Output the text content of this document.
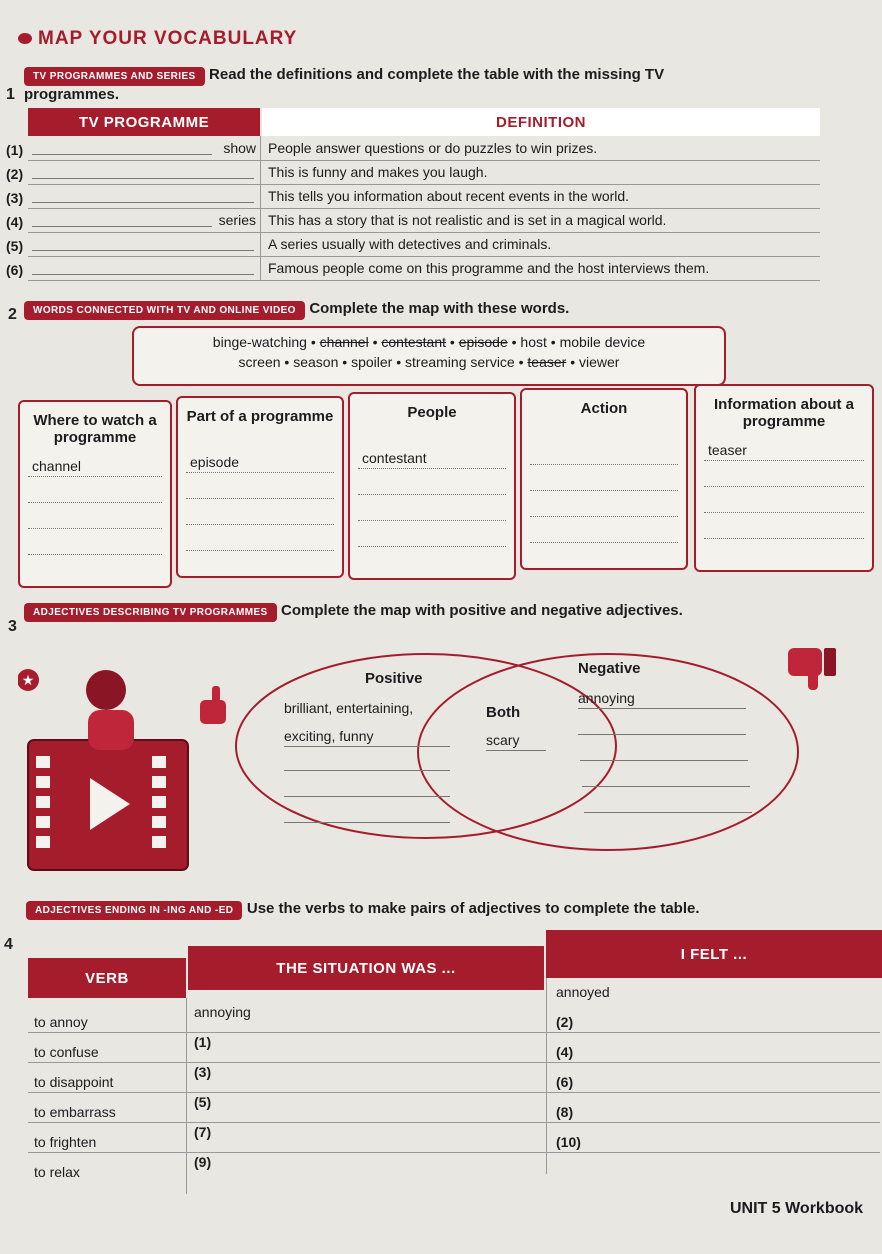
MAP YOUR VOCABULARY
1
TV PROGRAMMES AND SERIES Read the definitions and complete the table with the missing TV programmes.
TV PROGRAMME	DEFINITION
(1)	show People answer questions or do puzzles to win prizes.
(2)	This is funny and makes you laugh.
(3)	This tells you information about recent events in the world.
(4)	series This has a story that is not realistic and is set in a magical world.
(5)	A series usually with detectives and criminals.
(6)	Famous people come on this programme and the host interviews them.
2	WORDS CONNECTED WITH TV AND ONLINE VIDEO Complete the map with these words.
binge-watching • channel • contestant • episode • host • mobile device
screen • season • spoiler • streaming service • teaser • viewer
Where to watch a programme
channel
Part of a programme
episode
People
contestant
Action	Information about a programme
teaser
3
ADJECTIVES DESCRIBING TV PROGRAMMES Complete the map with positive and negative adjectives.
★	Positive
Negative
Both
brilliant, entertaining,
exciting, funny	scary
annoying
4
ADJECTIVES ENDING IN -ING AND -ED Use the verbs to make pairs of adjectives to complete the table.
VERB
THE SITUATION WAS ...
I FELT ...
to annoy
annoying
annoyed
to confuse
(1)
(2)
to disappoint
(3)
(4)
to embarrass
(5)
(6)
to frighten
(7)
(8)
to relax
(9)
(10)
UNIT 5 Workbook
